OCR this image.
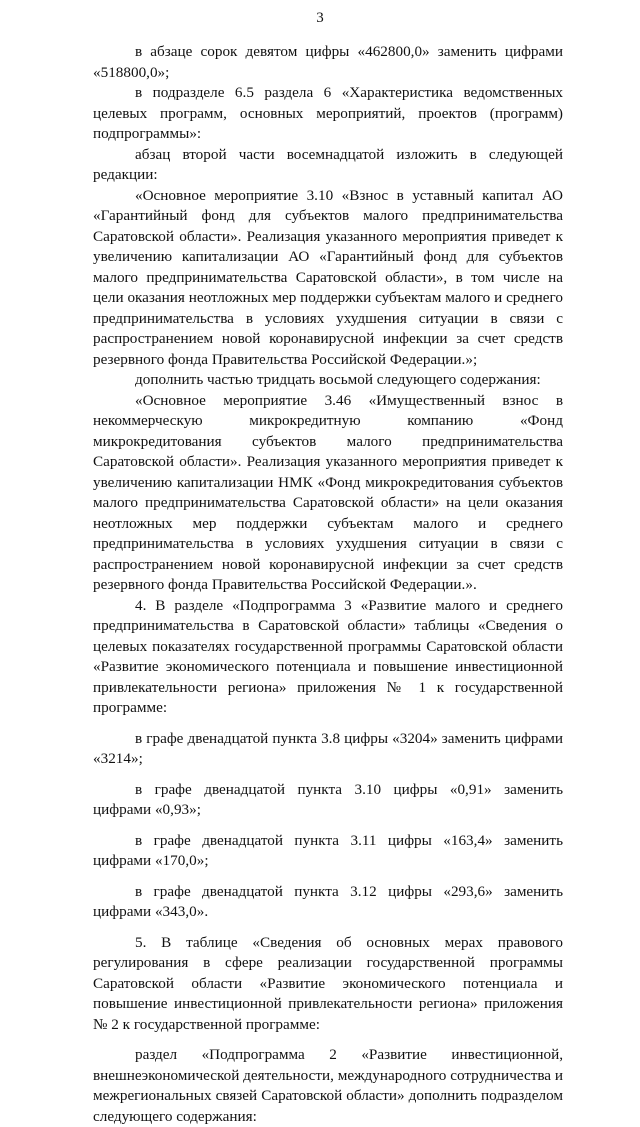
3

в абзаце сорок девятом цифры «462800,0» заменить цифрами «518800,0»;

в подразделе 6.5 раздела 6 «Характеристика ведомственных целевых программ, основных мероприятий, проектов (программ) подпрограммы»:

абзац второй части восемнадцатой изложить в следующей редакции:

«Основное мероприятие 3.10 «Взнос в уставный капитал АО «Гарантийный фонд для субъектов малого предпринимательства Саратовской области». Реализация указанного мероприятия приведет к увеличению капитализации АО «Гарантийный фонд для субъектов малого предпринимательства Саратовской области», в том числе на цели оказания неотложных мер поддержки субъектам малого и среднего предпринимательства в условиях ухудшения ситуации в связи с распространением новой коронавирусной инфекции за счет средств резервного фонда Правительства Российской Федерации.»;

дополнить частью тридцать восьмой следующего содержания:

«Основное мероприятие 3.46 «Имущественный взнос в некоммерческую микрокредитную компанию «Фонд микрокредитования субъектов малого предпринимательства Саратовской области». Реализация указанного мероприятия приведет к увеличению капитализации НМК «Фонд микрокредитования субъектов малого предпринимательства Саратовской области» на цели оказания неотложных мер поддержки субъектам малого и среднего предпринимательства в условиях ухудшения ситуации в связи с распространением новой коронавирусной инфекции за счет средств резервного фонда Правительства Российской Федерации.».

4. В разделе «Подпрограмма 3 «Развитие малого и среднего предпринимательства в Саратовской области» таблицы «Сведения о целевых показателях государственной программы Саратовской области «Развитие экономического потенциала и повышение инвестиционной привлекательности региона» приложения № 1 к государственной программе:

в графе двенадцатой пункта 3.8 цифры «3204» заменить цифрами «3214»;

в графе двенадцатой пункта 3.10 цифры «0,91» заменить цифрами «0,93»;

в графе двенадцатой пункта 3.11 цифры «163,4» заменить цифрами «170,0»;

в графе двенадцатой пункта 3.12 цифры «293,6» заменить цифрами «343,0».

5. В таблице «Сведения об основных мерах правового регулирования в сфере реализации государственной программы Саратовской области «Развитие экономического потенциала и повышение инвестиционной привлекательности региона» приложения № 2 к государственной программе:

раздел «Подпрограмма 2 «Развитие инвестиционной, внешнеэкономической деятельности, международного сотрудничества и межрегиональных связей Саратовской области» дополнить подразделом следующего содержания:
